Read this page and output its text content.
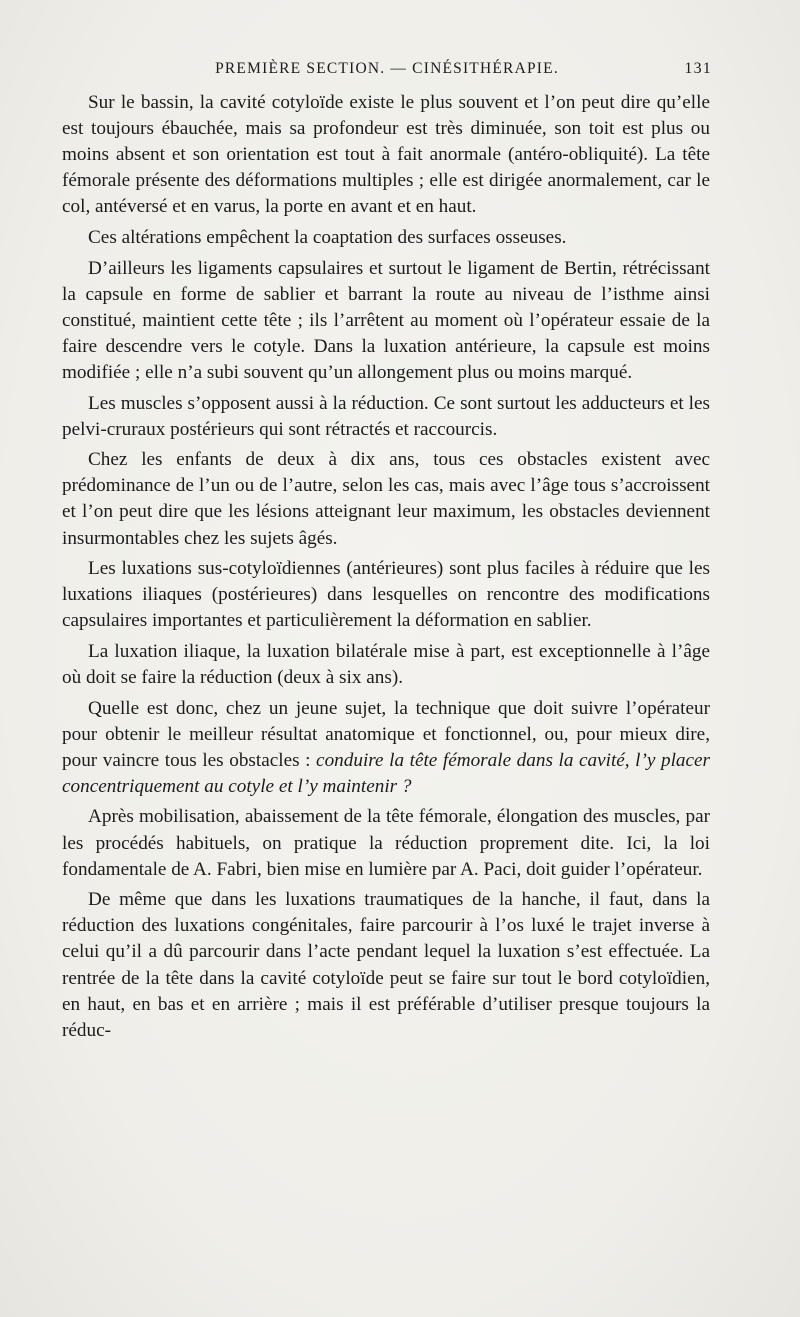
PREMIÈRE SECTION. — CINÉSITHÉRAPIE.	131

Sur le bassin, la cavité cotyloïde existe le plus souvent et l’on peut dire qu’elle est toujours ébauchée, mais sa profondeur est très diminuée, son toit est plus ou moins absent et son orientation est tout à fait anormale (antéro-obliquité). La tête fémorale présente des déformations multiples ; elle est dirigée anormalement, car le col, antéversé et en varus, la porte en avant et en haut.

Ces altérations empêchent la coaptation des surfaces osseuses.

D’ailleurs les ligaments capsulaires et surtout le ligament de Bertin, rétrécissant la capsule en forme de sablier et barrant la route au niveau de l’isthme ainsi constitué, maintient cette tête ; ils l’arrêtent au moment où l’opérateur essaie de la faire descendre vers le cotyle. Dans la luxation antérieure, la capsule est moins modifiée ; elle n’a subi souvent qu’un allongement plus ou moins marqué.

Les muscles s’opposent aussi à la réduction. Ce sont surtout les adducteurs et les pelvi-cruraux postérieurs qui sont rétractés et raccourcis.

Chez les enfants de deux à dix ans, tous ces obstacles existent avec prédominance de l’un ou de l’autre, selon les cas, mais avec l’âge tous s’accroissent et l’on peut dire que les lésions atteignant leur maximum, les obstacles deviennent insurmontables chez les sujets âgés.

Les luxations sus-cotyloïdiennes (antérieures) sont plus faciles à réduire que les luxations iliaques (postérieures) dans lesquelles on rencontre des modifications capsulaires importantes et particulièrement la déformation en sablier.

La luxation iliaque, la luxation bilatérale mise à part, est exceptionnelle à l’âge où doit se faire la réduction (deux à six ans).

Quelle est donc, chez un jeune sujet, la technique que doit suivre l’opérateur pour obtenir le meilleur résultat anatomique et fonctionnel, ou, pour mieux dire, pour vaincre tous les obstacles : conduire la tête fémorale dans la cavité, l’y placer concentriquement au cotyle et l’y maintenir ?

Après mobilisation, abaissement de la tête fémorale, élongation des muscles, par les procédés habituels, on pratique la réduction proprement dite. Ici, la loi fondamentale de A. Fabri, bien mise en lumière par A. Paci, doit guider l’opérateur.

De même que dans les luxations traumatiques de la hanche, il faut, dans la réduction des luxations congénitales, faire parcourir à l’os luxé le trajet inverse à celui qu’il a dû parcourir dans l’acte pendant lequel la luxation s’est effectuée. La rentrée de la tête dans la cavité cotyloïde peut se faire sur tout le bord cotyloïdien, en haut, en bas et en arrière ; mais il est préférable d’utiliser presque toujours la réduc-
